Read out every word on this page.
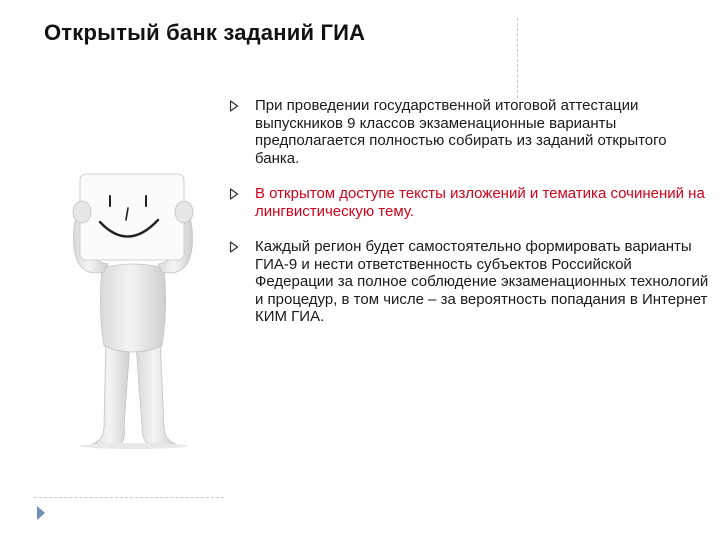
Открытый банк заданий ГИА
При проведении государственной итоговой аттестации выпускников 9 классов экзаменационные варианты предполагается полностью собирать из заданий открытого банка.
В открытом доступе тексты изложений и тематика сочинений на лингвистическую тему.
Каждый регион будет самостоятельно формировать варианты ГИА-9 и нести ответственность субъектов Российской Федерации за полное соблюдение экзаменационных технологий и процедур, в том числе – за вероятность попадания в Интернет КИМ ГИА.
